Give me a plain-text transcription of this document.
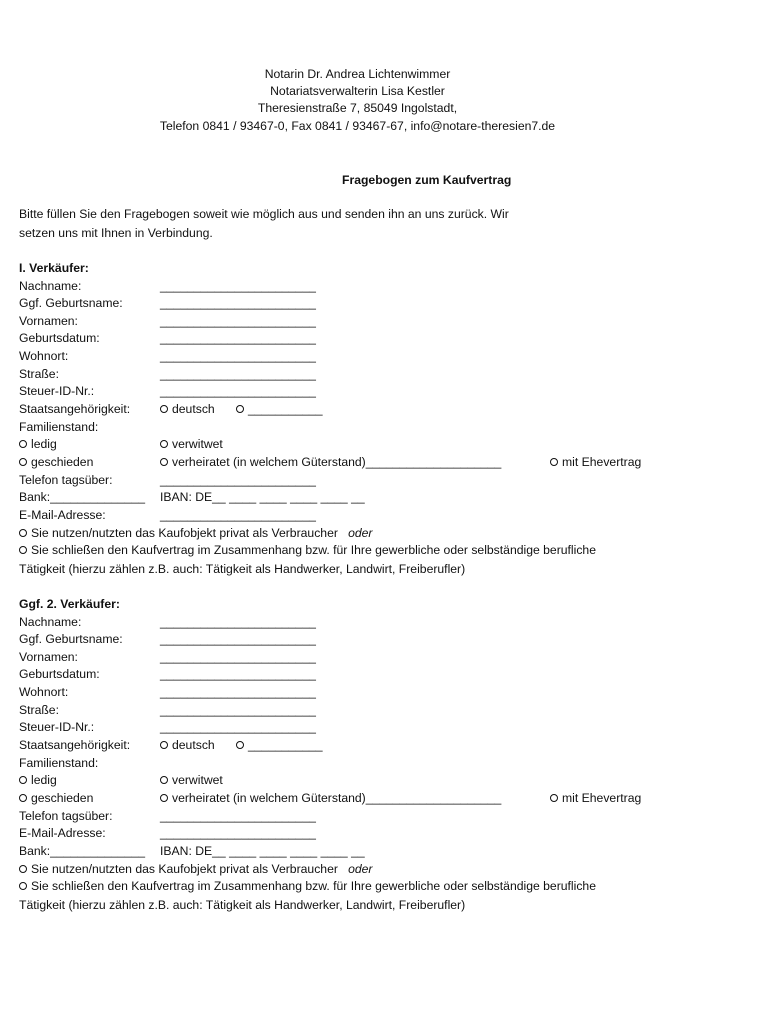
Notarin Dr. Andrea Lichtenwimmer
Notariatsverwalterin Lisa Kestler
Theresienstraße 7, 85049 Ingolstadt,
Telefon 0841 / 93467-0, Fax 0841 / 93467-67, info@notare-theresien7.de
Fragebogen zum Kaufvertrag
Bitte füllen Sie den Fragebogen soweit wie möglich aus und senden ihn an uns zurück. Wir
setzen uns mit Ihnen in Verbindung.
I. Verkäufer:
Nachname:	_______________________
Ggf. Geburtsname:	_______________________
Vornamen:	_______________________
Geburtsdatum:	_______________________
Wohnort:	_______________________
Straße:	_______________________
Steuer-ID-Nr.:	_______________________
Staatsangehörigkeit:	deutsch	___________
Familienstand:
ledig	verwitwet
geschieden	verheiratet (in welchem Güterstand)____________________	mit Ehevertrag
Telefon tagsüber:	_______________________
Bank:______________ IBAN: DE__ ____ ____ ____ ____ __
E-Mail-Adresse:	_______________________
Sie nutzen/nutzten das Kaufobjekt privat als Verbraucher oder
Sie schließen den Kaufvertrag im Zusammenhang bzw. für Ihre gewerbliche oder selbständige berufliche
Tätigkeit (hierzu zählen z.B. auch: Tätigkeit als Handwerker, Landwirt, Freiberufler)
Ggf. 2. Verkäufer:
Nachname:	_______________________
Ggf. Geburtsname:	_______________________
Vornamen:	_______________________
Geburtsdatum:	_______________________
Wohnort:	_______________________
Straße:	_______________________
Steuer-ID-Nr.:	_______________________
Staatsangehörigkeit:	deutsch	___________
Familienstand:
ledig	verwitwet
geschieden	verheiratet (in welchem Güterstand)____________________	mit Ehevertrag
Telefon tagsüber:	_______________________
E-Mail-Adresse:	_______________________
Bank:______________ IBAN: DE__ ____ ____ ____ ____ __
Sie nutzen/nutzten das Kaufobjekt privat als Verbraucher oder
Sie schließen den Kaufvertrag im Zusammenhang bzw. für Ihre gewerbliche oder selbständige berufliche
Tätigkeit (hierzu zählen z.B. auch: Tätigkeit als Handwerker, Landwirt, Freiberufler)
